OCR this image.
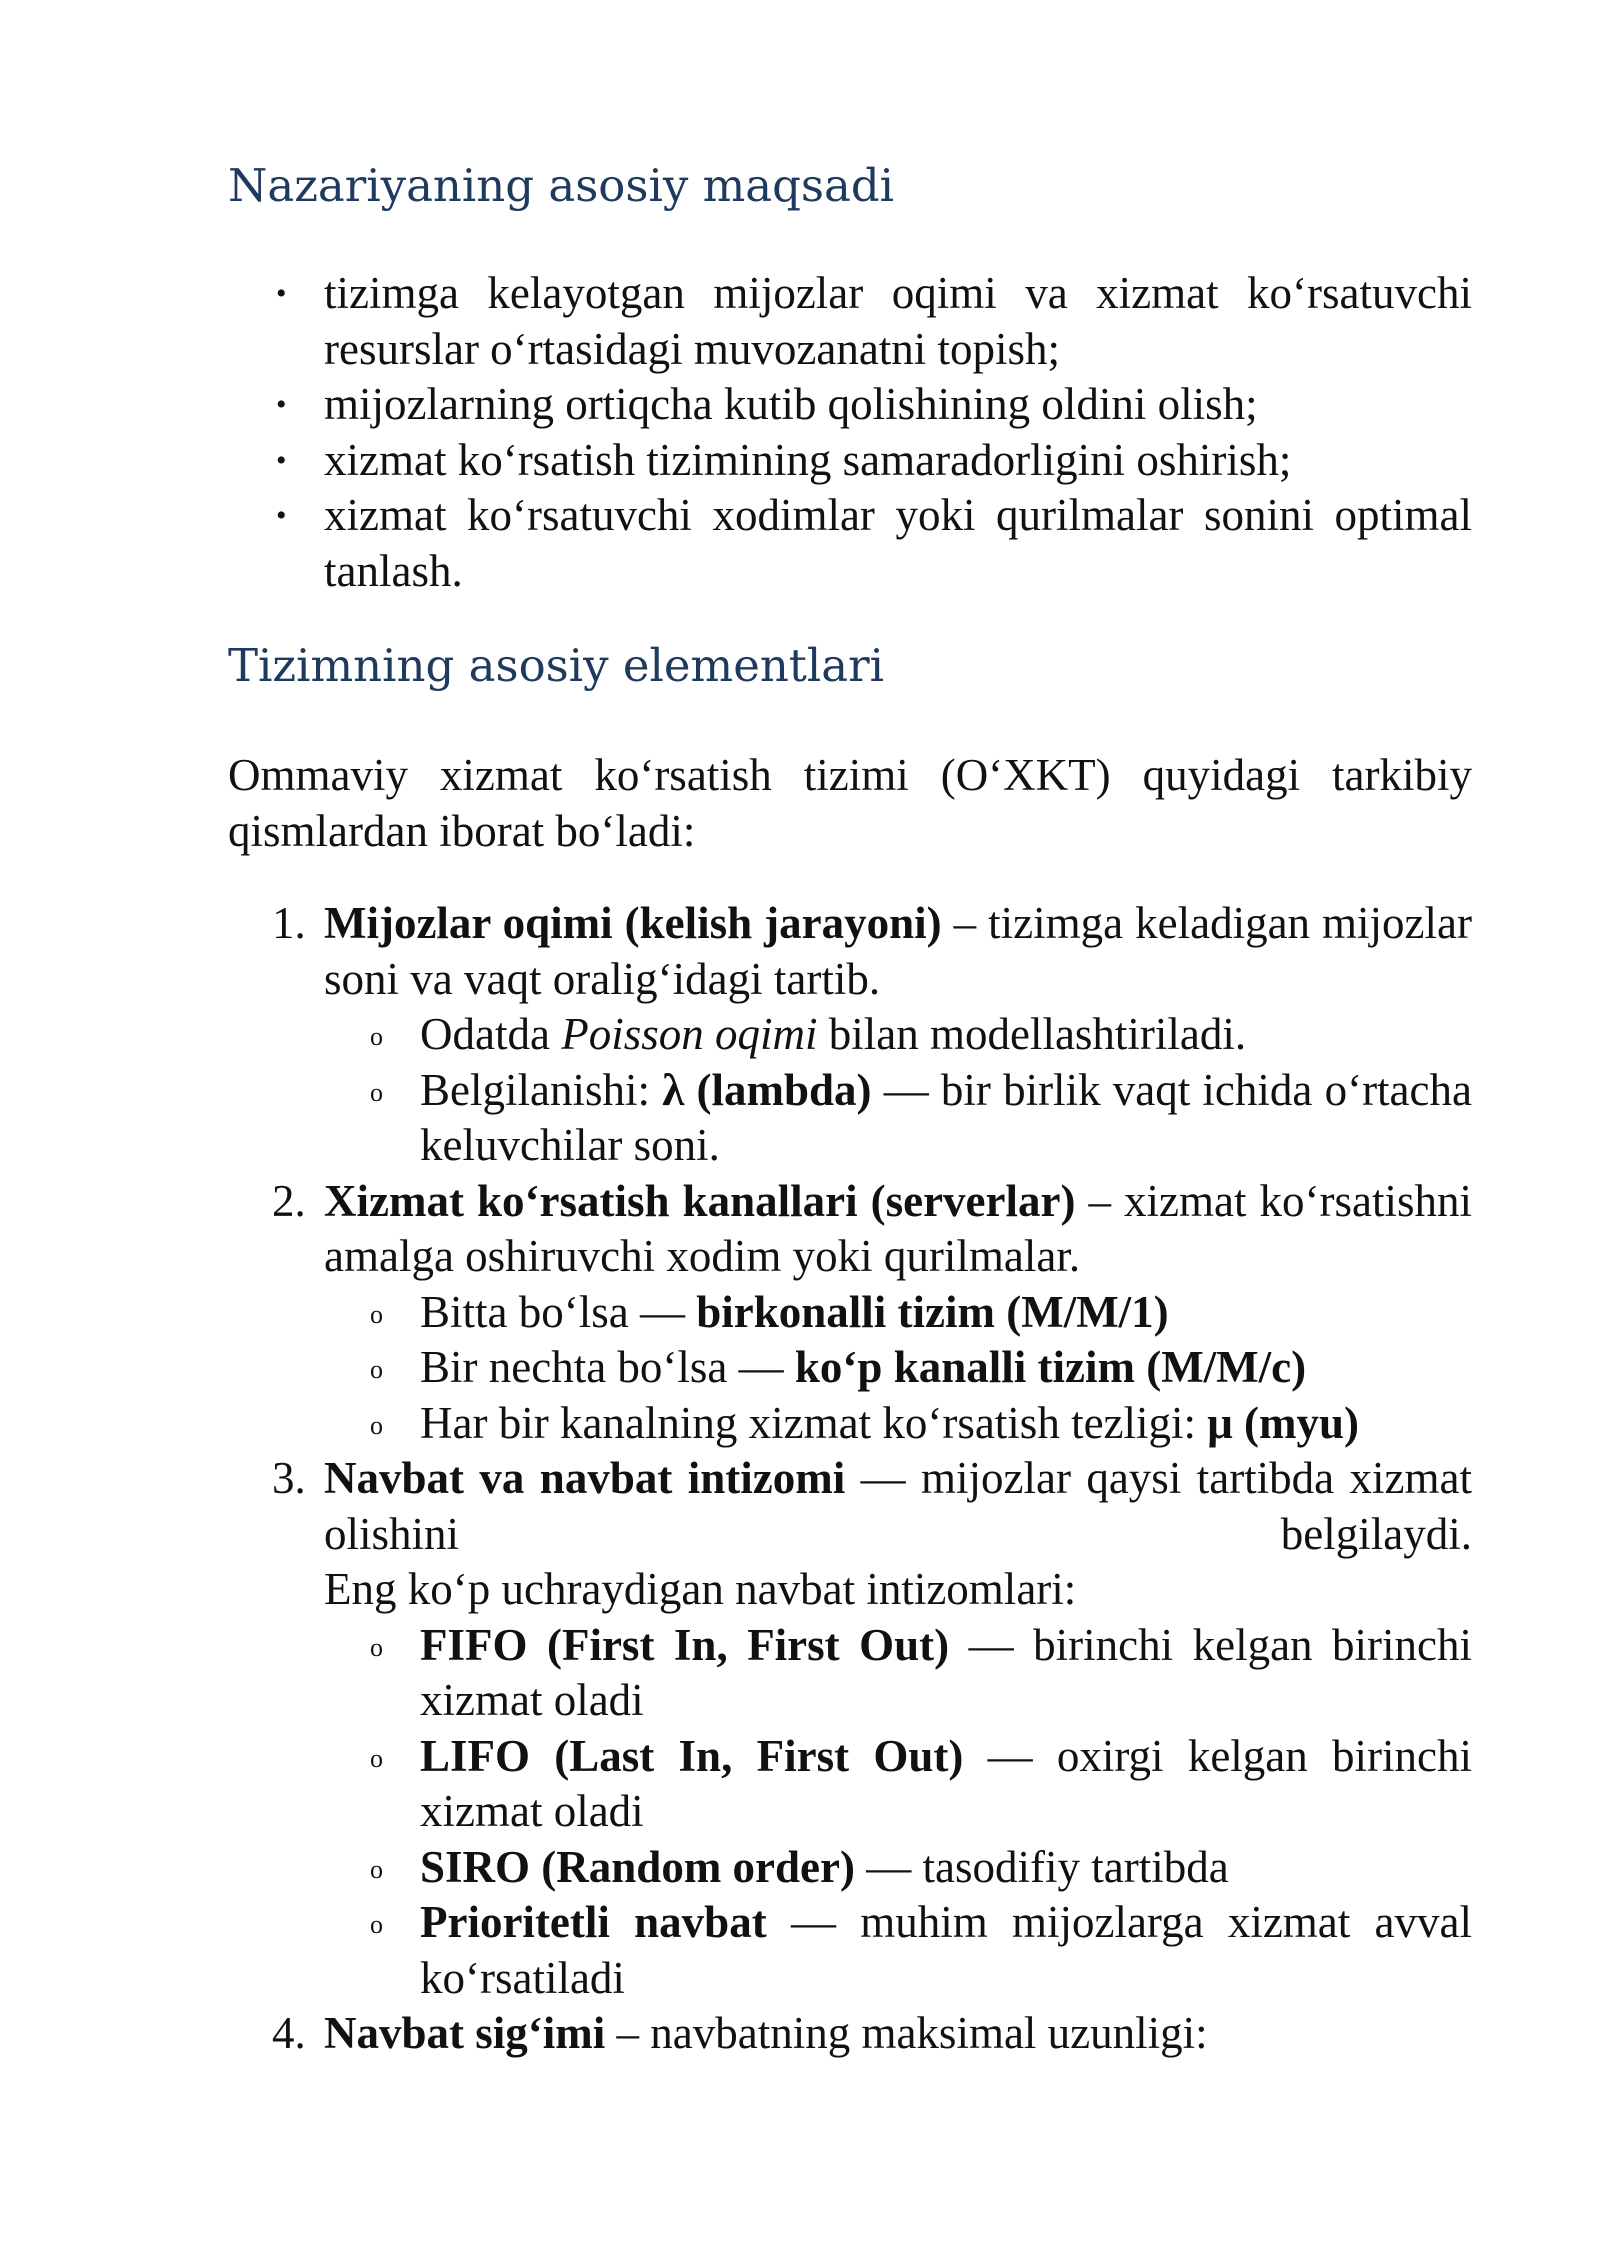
Nazariyaning asosiy maqsadi
• tizimga kelayotgan mijozlar oqimi va xizmat ko‘rsatuvchi resurslar o‘rtasidagi muvozanatni topish;
• mijozlarning ortiqcha kutib qolishining oldini olish;
• xizmat ko‘rsatish tizimining samaradorligini oshirish;
• xizmat ko‘rsatuvchi xodimlar yoki qurilmalar sonini optimal tanlash.
Tizimning asosiy elementlari

Ommaviy xizmat ko‘rsatish tizimi (O‘XKT) quyidagi tarkibiy qismlardan iborat bo‘ladi:

1. Mijozlar oqimi (kelish jarayoni) – tizimga keladigan mijozlar soni va vaqt oralig‘idagi tartib.
o Odatda Poisson oqimi bilan modellashtiriladi.
o Belgilanishi: λ (lambda) — bir birlik vaqt ichida o‘rtacha keluvchilar soni.
2. Xizmat ko‘rsatish kanallari (serverlar) – xizmat ko‘rsatishni amalga oshiruvchi xodim yoki qurilmalar.
o Bitta bo‘lsa — birkonalli tizim (M/M/1)
o Bir nechta bo‘lsa — ko‘p kanalli tizim (M/M/c)
o Har bir kanalning xizmat ko‘rsatish tezligi: μ (myu)
3. Navbat va navbat intizomi — mijozlar qaysi tartibda xizmat olishini belgilaydi.
Eng ko‘p uchraydigan navbat intizomlari:
o FIFO (First In, First Out) — birinchi kelgan birinchi xizmat oladi
o LIFO (Last In, First Out) — oxirgi kelgan birinchi xizmat oladi
o SIRO (Random order) — tasodifiy tartibda
o Prioritetli navbat — muhim mijozlarga xizmat avval ko‘rsatiladi
4. Navbat sig‘imi – navbatning maksimal uzunligi:
